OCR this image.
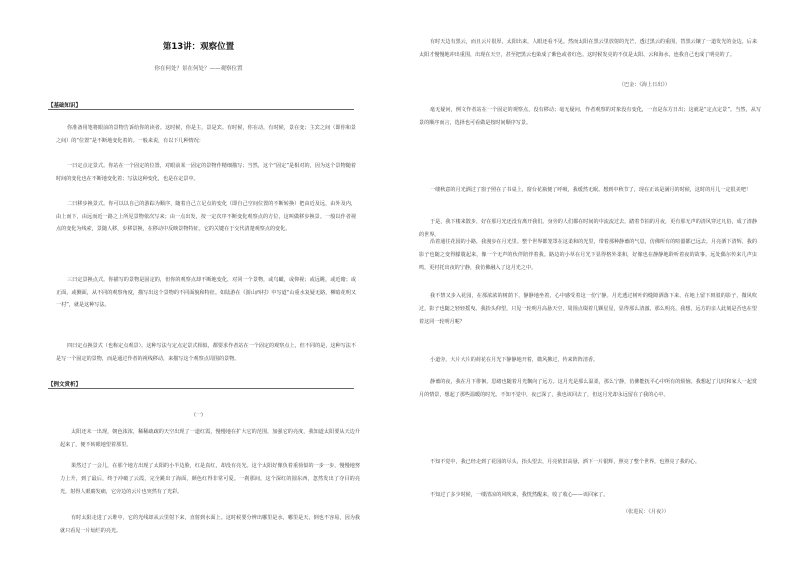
第13讲：观察位置
你在何处？景在何处？——观察位置
【基础知识】

你准备用笔将眼前的景物告诉给你的读者。这时候，你是主，景是宾。有时候，你在动，有时候，景在变；主宾之间（即你和景之间）的“位置”是不断地变化着的。一般来说，有以下几种情况：

一曰定点定景式。你站在一个固定的位置，对眼前某一固定的景物作精细描写；当然，这个“固定”是相对的，因为这个景物随着时间的变化也在不断地变化着；写法这种变化，也是在定景中。

二曰移步换景式。你可以以自己的游踪为顺序，随着自己立足点的变化（即自己空间位置的不断转换）把由近及远，由外及内，由上而下，由远而近一路之上所见景物依次写来；由一点出发，按一定次序不断变化观察点的方位，这叫做移步换景。一般以作者视点的变化为线索，景随人移，步移景换，在移动中反映景物特征。它的关键在于交代清楚观察点的变化。

三曰定景换点式。你描写的景物是固定的，但你的观察点却不断地变化，对同一个景物，或鸟瞰，或仰视；或远眺，或近睹；或正面，或侧面，从不同的观察角度，描写出这个景物的不同面貌和特征。如陆游在《游山西村》中写道“山重水复疑无路，柳暗花明又一村”，就是这种写法。

四曰定点换景式（也称定点观景）。这种写法与定点定景式相似，都要求作者站在一个固定的观察点上，但不同的是，这种写法不是写一个固定的景物，而是通过作者的视线移动，来描写这个观察点周围的景物。

【例文赏析】
(一)

太阳还未一出现，朝色浓浓，稀稀疏疏的天空出现了一道红霞，慢慢地在扩大它的范围，加强它的亮度，我知道太阳要从天边升起来了，便不转眼地望着那里。

果然过了一会儿，在那个地方出现了太阳的小半边脸，红是真红，却没有亮光。这个太阳好像负着重荷似的一步一步，慢慢地努力上升，到了最后，终于冲破了云霞，完全跳出了海面，颜色红得非常可爱。一刹那间，这个深红的圆东西，忽然发出了夺目的亮光，射得人眼睛发痛，它旁边的云片也突然有了光彩。

有时太阳走进了云堆中，它的光线却从云里射下来，直射到水面上。这时候要分辨出哪里是水，哪里是天，倒也不容易，因为我就只看见一片灿烂的亮光。

有时天边有黑云，而且云片很厚，太阳出来，人眼还看不见。然而太阳在黑云里放射的光芒，透过黑云的重围，替黑云镶了一道发光的金边。后来太阳才慢慢地冲出重围，出现在天空，甚至把黑云也染成了紫色或者红色。这时候发亮的不仅是太阳、云和海水，连我自己也成了明亮的了。

（巴金：《海上日出》）

毫无疑问，例文作者站在一个固定的观察点，没有移动；毫无疑问，作者观察的对象没有变化，一直是东方日出；这就是“定点定景”。当然，从写景的顺序而言，选择也可看做是按时间顺序写景。

一缕秋意的月光洒过了窗子照在了书桌上，窗台花瓶便了呼吸，我缓然无眠。想到中秋节了，现在正该是满月的时候，这时的月儿一定很美吧！

于是，我下楼来散步，好在那月光还没有离开我们。身旁的人们都在时间的中流流过去，踏着节拍的月夜，更有那无声的清风穿过凡俗，成了清静的世界。

沿着通往花园的小路，我漫步在月光里。整个世界都笼罩在这柔和的光里，带着那种静谧的气息，仿佛所有的喧嚣都已远去。月亮洒下清辉，我的影子也随之变得朦胧起来，像一个无声的伙伴陪伴着我。路边的小草在月光下显得格外柔和，好像也在静静地聆听着夜的故事。远处偶尔传来几声虫鸣，更衬托出夜的宁静，我仿佛融入了这月光之中。

我不禁又步入花园，在那浓浓的树荫下，静静地坐着，心中感受着这一份宁静。月光透过树叶的缝隙洒落下来，在地上留下斑驳的影子，微风吹过，影子也随之轻轻摇曳。我抬头仰望，只见一轮明月高悬天空，周围点缀着几颗星星，显得那么清澈、那么明亮。我想，远方的亲人此刻是否也在望着这同一轮明月呢？

小道旁，大片大片的荷花在月光下静静地开着，微风拂过，传来阵阵清香。

静谧的夜，我在月下徘徊，思绪也随着月光飘向了远方。这月光是那么温柔，那么宁静，仿佛能抚平心中所有的烦恼。我想起了儿时和家人一起赏月的情景，想起了那些温暖的时光。不知不觉中，夜已深了，我也该回去了，但这月光却永远留在了我的心中。

不知不觉中，我已经走到了花园的尽头，抬头望去，月亮依旧高悬，洒下一片银辉，照亮了整个世界，也照亮了我的心。

不知过了多少时候，一缕清凉的风吹来，我恍然醒来，收了收心——该回家了。

（张进民：《月夜》）
